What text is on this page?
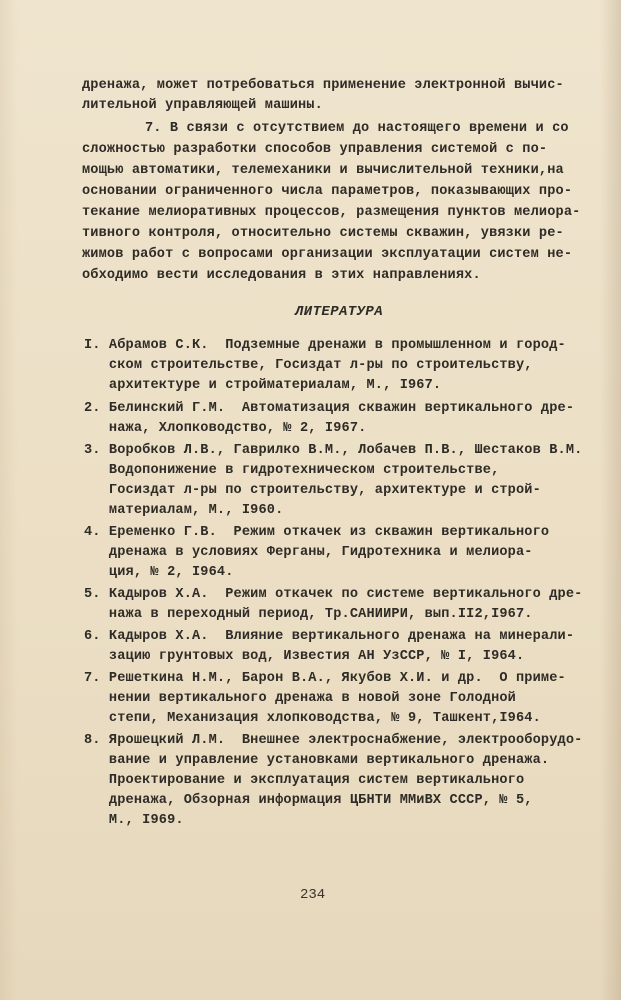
дренажа, может потребоваться применение электронной вычис-
лительной управляющей машины.
7. В связи с отсутствием до настоящего времени и со
сложностью разработки способов управления системой с по-
мощью автоматики, телемеханики и вычислительной техники,на
основании ограниченного числа параметров, показывающих про-
текание мелиоративных процессов, размещения пунктов мелиора-
тивного контроля, относительно системы скважин, увязки ре-
жимов работ с вопросами организации эксплуатации систем не-
обходимо вести исследования в этих направлениях.
ЛИТЕРАТУРА
I. Абрамов С.К.  Подземные дренажи в промышленном и город-
ском строительстве, Госиздат л-ры по строительству,
архитектуре и стройматериалам, М., I967.
2. Белинский Г.М.  Автоматизация скважин вертикального дре-
нажа, Хлопководство, № 2, I967.
3. Воробков Л.В., Гаврилко В.М., Лобачев П.В., Шестаков В.М.
Водопонижение в гидротехническом строительстве,
Госиздат л-ры по строительству, архитектуре и строй-
материалам, М., I960.
4. Еременко Г.В.  Режим откачек из скважин вертикального
дренажа в условиях Ферганы, Гидротехника и мелиора-
ция, № 2, I964.
5. Кадыров Х.А.  Режим откачек по системе вертикального дре-
нажа в переходный период, Тр.САНИИРИ, вып.II2,I967.
6. Кадыров Х.А.  Влияние вертикального дренажа на минерали-
зацию грунтовых вод, Известия АН УзССР, № I, I964.
7. Решеткина Н.М., Барон В.А., Якубов Х.И. и др.  О приме-
нении вертикального дренажа в новой зоне Голодной
степи, Механизация хлопководства, № 9, Ташкент,I964.
8. Ярошецкий Л.М.  Внешнее электроснабжение, электрооборудо-
вание и управление установками вертикального дренажа.
Проектирование и эксплуатация систем вертикального
дренажа, Обзорная информация ЦБНТИ ММиВХ СССР, № 5,
М., I969.
234
